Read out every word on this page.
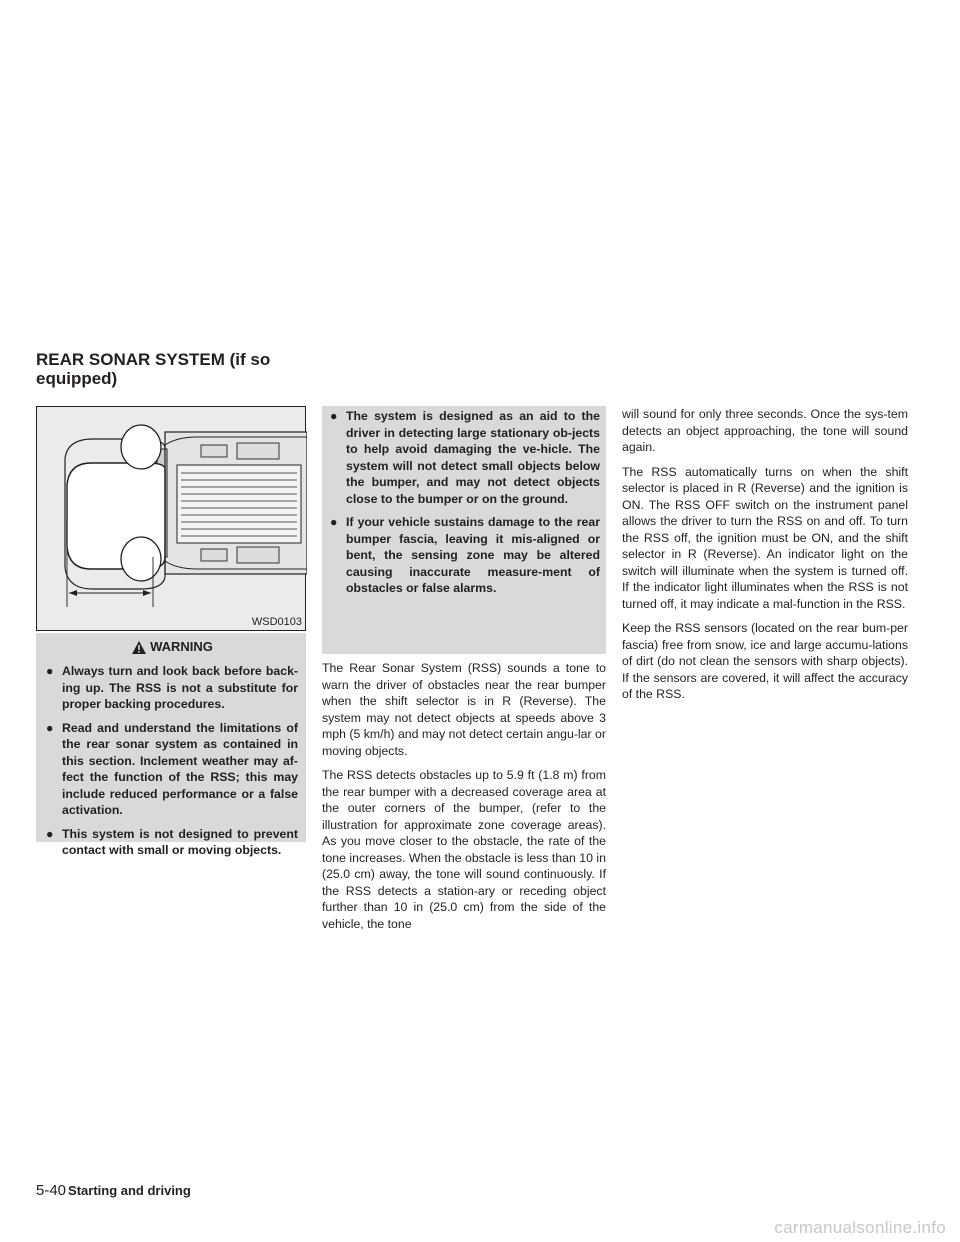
REAR SONAR SYSTEM (if so equipped)
WSD0103
WARNING
● Always turn and look back before back-ing up. The RSS is not a substitute for proper backing procedures.
● Read and understand the limitations of the rear sonar system as contained in this section. Inclement weather may af-fect the function of the RSS; this may include reduced performance or a false activation.
● This system is not designed to prevent contact with small or moving objects.
● The system is designed as an aid to the driver in detecting large stationary ob-jects to help avoid damaging the ve-hicle. The system will not detect small objects below the bumper, and may not detect objects close to the bumper or on the ground.
● If your vehicle sustains damage to the rear bumper fascia, leaving it mis-aligned or bent, the sensing zone may be altered causing inaccurate measure-ment of obstacles or false alarms.

The Rear Sonar System (RSS) sounds a tone to warn the driver of obstacles near the rear bumper when the shift selector is in R (Reverse). The system may not detect objects at speeds above 3 mph (5 km/h) and may not detect certain angu-lar or moving objects.

The RSS detects obstacles up to 5.9 ft (1.8 m) from the rear bumper with a decreased coverage area at the outer corners of the bumper, (refer to the illustration for approximate zone coverage areas). As you move closer to the obstacle, the rate of the tone increases. When the obstacle is less than 10 in (25.0 cm) away, the tone will sound continuously. If the RSS detects a station-ary or receding object further than 10 in (25.0 cm) from the side of the vehicle, the tone

will sound for only three seconds. Once the sys-tem detects an object approaching, the tone will sound again.

The RSS automatically turns on when the shift selector is placed in R (Reverse) and the ignition is ON. The RSS OFF switch on the instrument panel allows the driver to turn the RSS on and off. To turn the RSS off, the ignition must be ON, and the shift selector in R (Reverse). An indicator light on the switch will illuminate when the system is turned off. If the indicator light illuminates when the RSS is not turned off, it may indicate a mal-function in the RSS.

Keep the RSS sensors (located on the rear bum-per fascia) free from snow, ice and large accumu-lations of dirt (do not clean the sensors with sharp objects). If the sensors are covered, it will affect the accuracy of the RSS.

5-40 Starting and driving
carmanualsonline.info
